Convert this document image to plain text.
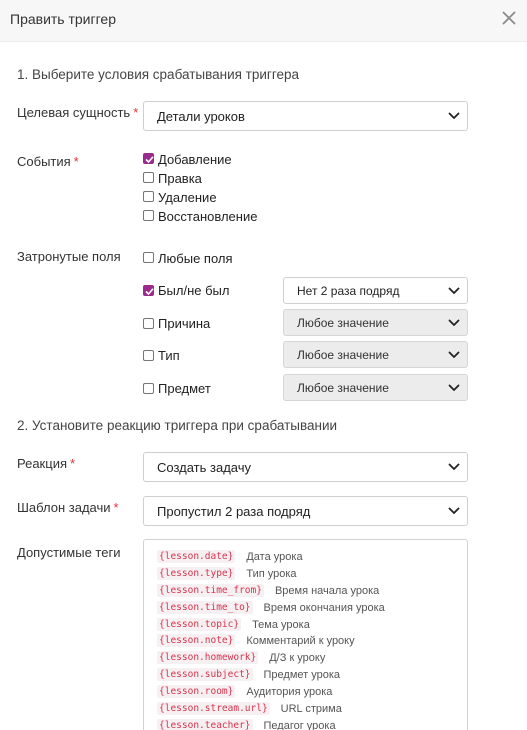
Править триггер
1. Выберите условия срабатывания триггера
Целевая сущность * Детали уроков
События *	Добавление
Правка
Удаление
Восстановление
Затронутые поля	Любые поля
Был/не был	Нет 2 раза подряд
Причина	Любое значение
Тип	Любое значение
Предмет	Любое значение
2. Установите реакцию триггера при срабатывании
Реакция *	Создать задачу
Шаблон задачи *	Пропустил 2 раза подряд
Допустимые теги	{lesson.date} Дата урока
{lesson.type} Тип урока
{lesson.time_from} Время начала урока
{lesson.time_to} Время окончания урока
{lesson.topic} Тема урока
{lesson.note} Комментарий к уроку
{lesson.homework} Д/З к уроку
{lesson.subject} Предмет урока
{lesson.room} Аудитория урока
{lesson.stream.url} URL стрима
{lesson.teacher} Педагог урока
